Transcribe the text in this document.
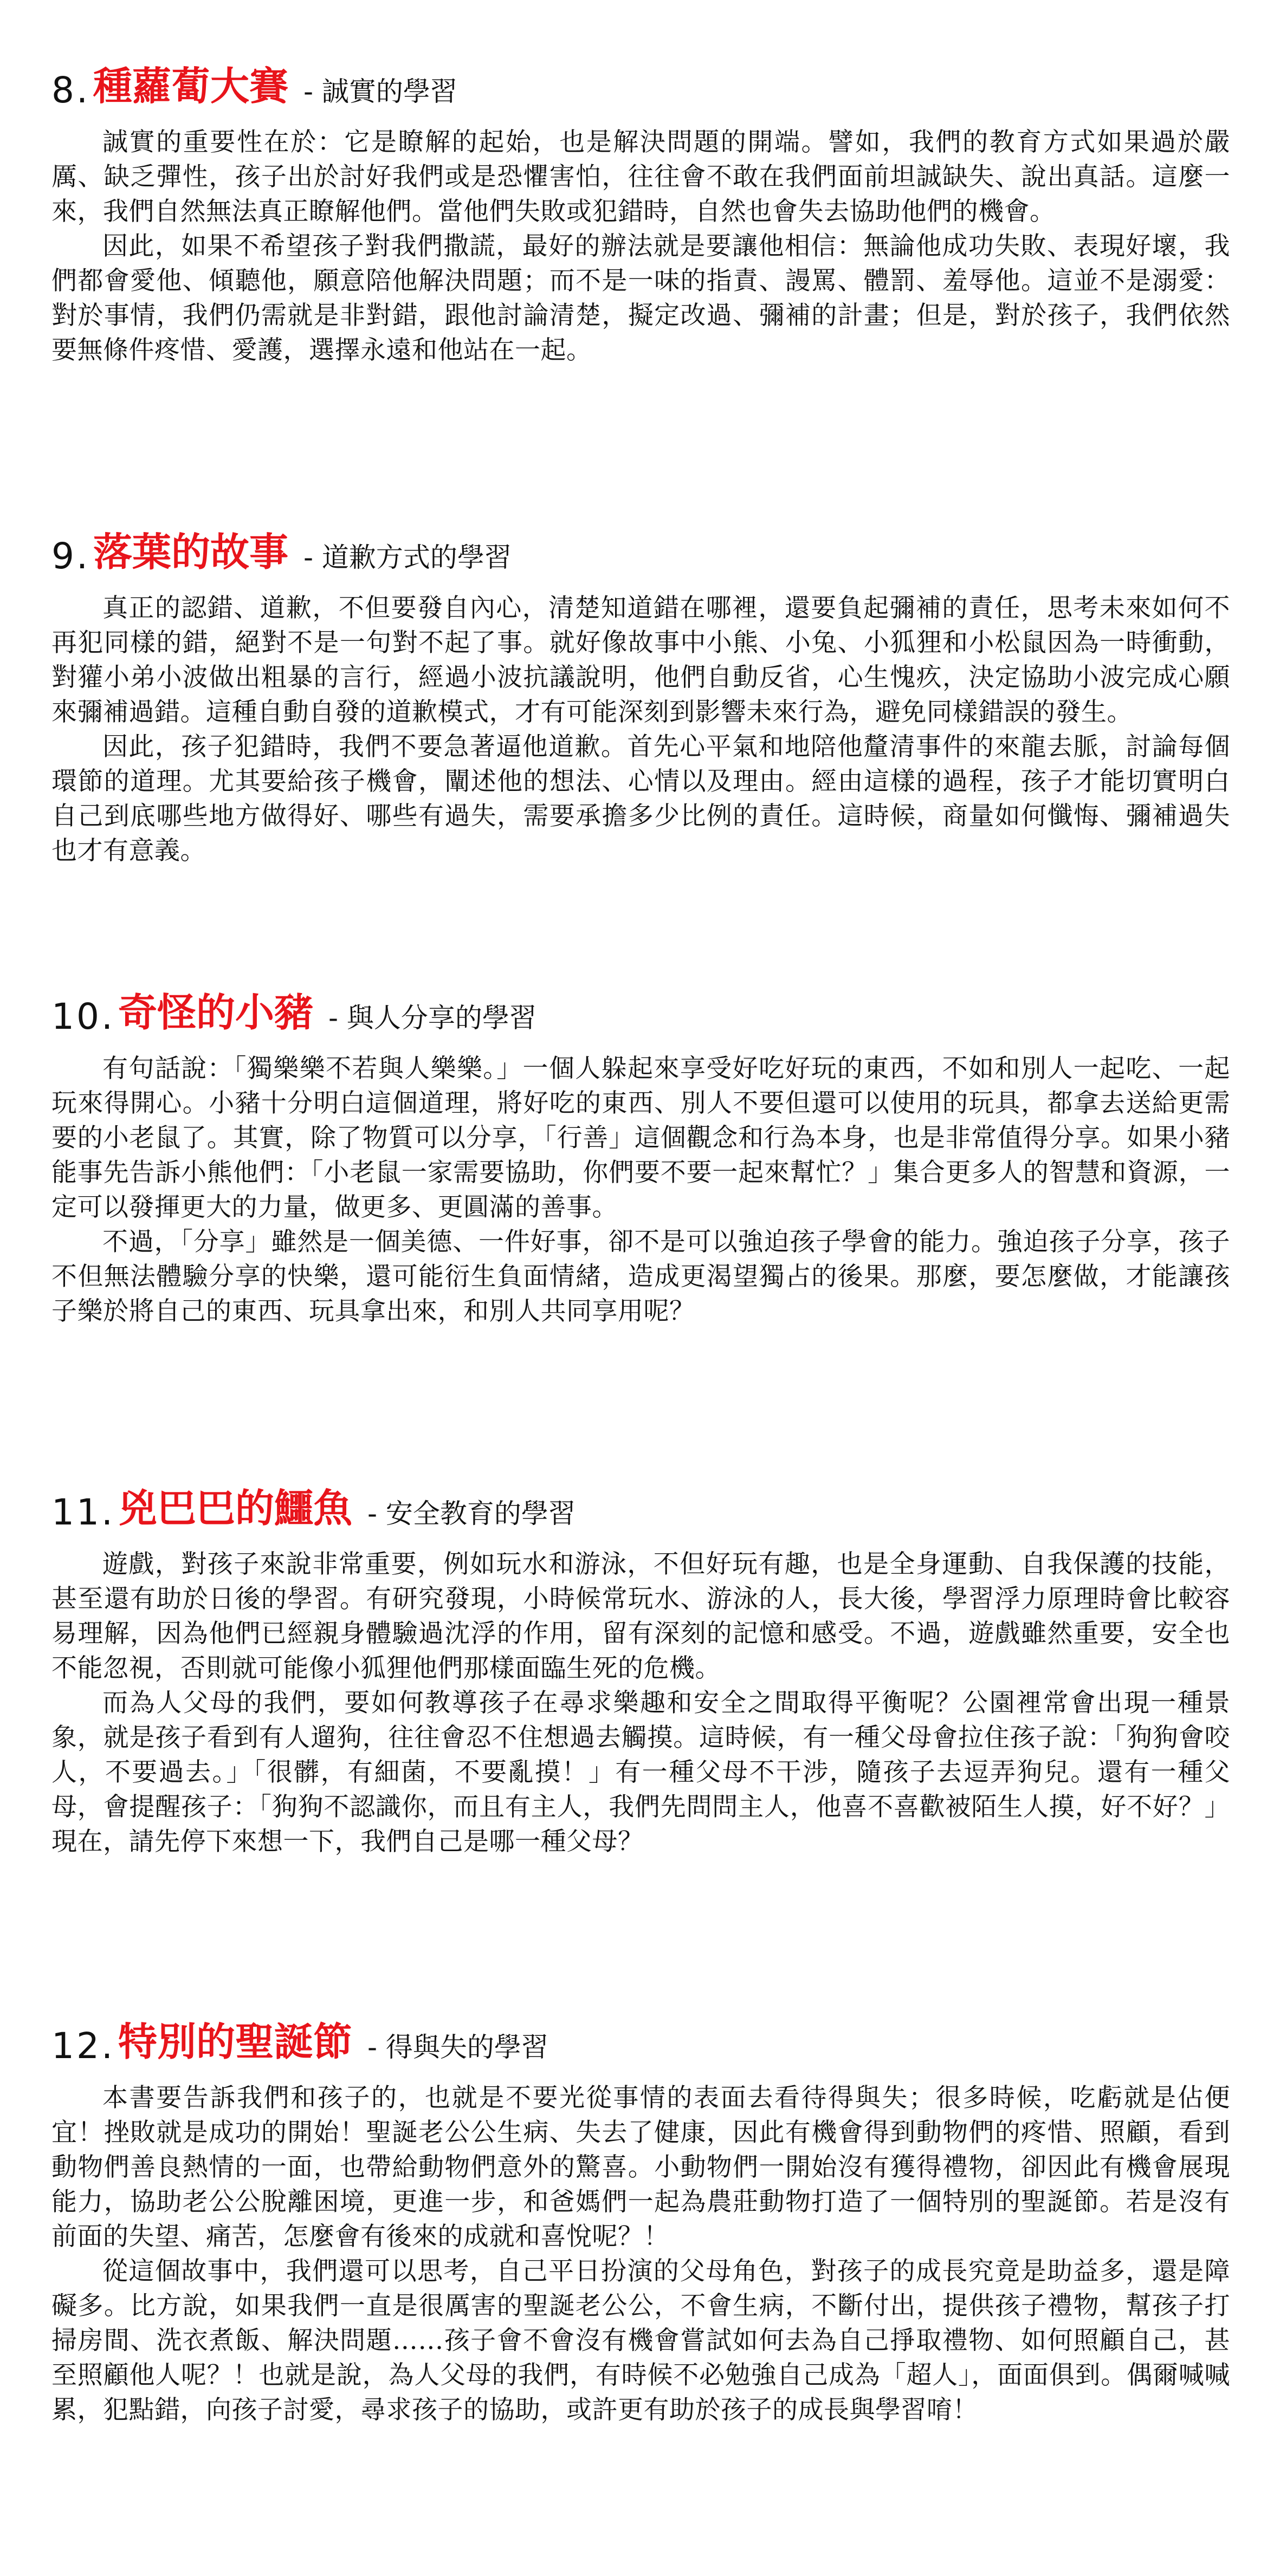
8. 種蘿蔔大賽 - 誠實的學習

誠實的重要性在於：它是瞭解的起始，也是解決問題的開端。譬如，我們的教育方式如果過於嚴厲、缺乏彈性，孩子出於討好我們或是恐懼害怕，往往會不敢在我們面前坦誠缺失、說出真話。這麼一來，我們自然無法真正瞭解他們。當他們失敗或犯錯時，自然也會失去協助他們的機會。

因此，如果不希望孩子對我們撒謊，最好的辦法就是要讓他相信：無論他成功失敗、表現好壞，我們都會愛他、傾聽他，願意陪他解決問題；而不是一味的指責、謾罵、體罰、羞辱他。這並不是溺愛：對於事情，我們仍需就是非對錯，跟他討論清楚，擬定改過、彌補的計畫；但是，對於孩子，我們依然要無條件疼惜、愛護，選擇永遠和他站在一起。

9. 落葉的故事 - 道歉方式的學習

真正的認錯、道歉，不但要發自內心，清楚知道錯在哪裡，還要負起彌補的責任，思考未來如何不再犯同樣的錯，絕對不是一句對不起了事。就好像故事中小熊、小兔、小狐狸和小松鼠因為一時衝動，對獾小弟小波做出粗暴的言行，經過小波抗議說明，他們自動反省，心生愧疚，決定協助小波完成心願來彌補過錯。這種自動自發的道歉模式，才有可能深刻到影響未來行為，避免同樣錯誤的發生。

因此，孩子犯錯時，我們不要急著逼他道歉。首先心平氣和地陪他釐清事件的來龍去脈，討論每個環節的道理。尤其要給孩子機會，闡述他的想法、心情以及理由。經由這樣的過程，孩子才能切實明白自己到底哪些地方做得好、哪些有過失，需要承擔多少比例的責任。這時候，商量如何懺悔、彌補過失也才有意義。

10. 奇怪的小豬 - 與人分享的學習

有句話說：「獨樂樂不若與人樂樂。」一個人躲起來享受好吃好玩的東西，不如和別人一起吃、一起玩來得開心。小豬十分明白這個道理，將好吃的東西、別人不要但還可以使用的玩具，都拿去送給更需要的小老鼠了。其實，除了物質可以分享，「行善」這個觀念和行為本身，也是非常值得分享。如果小豬能事先告訴小熊他們：「小老鼠一家需要協助，你們要不要一起來幫忙？」集合更多人的智慧和資源，一定可以發揮更大的力量，做更多、更圓滿的善事。

不過，「分享」雖然是一個美德、一件好事，卻不是可以強迫孩子學會的能力。強迫孩子分享，孩子不但無法體驗分享的快樂，還可能衍生負面情緒，造成更渴望獨占的後果。那麼，要怎麼做，才能讓孩子樂於將自己的東西、玩具拿出來，和別人共同享用呢？

11. 兇巴巴的鱷魚 - 安全教育的學習

遊戲，對孩子來說非常重要，例如玩水和游泳，不但好玩有趣，也是全身運動、自我保護的技能，甚至還有助於日後的學習。有研究發現，小時候常玩水、游泳的人，長大後，學習浮力原理時會比較容易理解，因為他們已經親身體驗過沈浮的作用，留有深刻的記憶和感受。不過，遊戲雖然重要，安全也不能忽視，否則就可能像小狐狸他們那樣面臨生死的危機。

而為人父母的我們，要如何教導孩子在尋求樂趣和安全之間取得平衡呢？公園裡常會出現一種景象，就是孩子看到有人遛狗，往往會忍不住想過去觸摸。這時候，有一種父母會拉住孩子說：「狗狗會咬人，不要過去。」「很髒，有細菌，不要亂摸！」有一種父母不干涉，隨孩子去逗弄狗兒。還有一種父母，會提醒孩子：「狗狗不認識你，而且有主人，我們先問問主人，他喜不喜歡被陌生人摸，好不好？」現在，請先停下來想一下，我們自己是哪一種父母？

12. 特別的聖誕節 - 得與失的學習

本書要告訴我們和孩子的，也就是不要光從事情的表面去看待得與失；很多時候，吃虧就是佔便宜！挫敗就是成功的開始！聖誕老公公生病、失去了健康，因此有機會得到動物們的疼惜、照顧，看到動物們善良熱情的一面，也帶給動物們意外的驚喜。小動物們一開始沒有獲得禮物，卻因此有機會展現能力，協助老公公脫離困境，更進一步，和爸媽們一起為農莊動物打造了一個特別的聖誕節。若是沒有前面的失望、痛苦，怎麼會有後來的成就和喜悅呢？！

從這個故事中，我們還可以思考，自己平日扮演的父母角色，對孩子的成長究竟是助益多，還是障礙多。比方說，如果我們一直是很厲害的聖誕老公公，不會生病，不斷付出，提供孩子禮物，幫孩子打掃房間、洗衣煮飯、解決問題……孩子會不會沒有機會嘗試如何去為自己掙取禮物、如何照顧自己，甚至照顧他人呢？！也就是說，為人父母的我們，有時候不必勉強自己成為「超人」，面面俱到。偶爾喊喊累，犯點錯，向孩子討愛，尋求孩子的協助，或許更有助於孩子的成長與學習唷！
